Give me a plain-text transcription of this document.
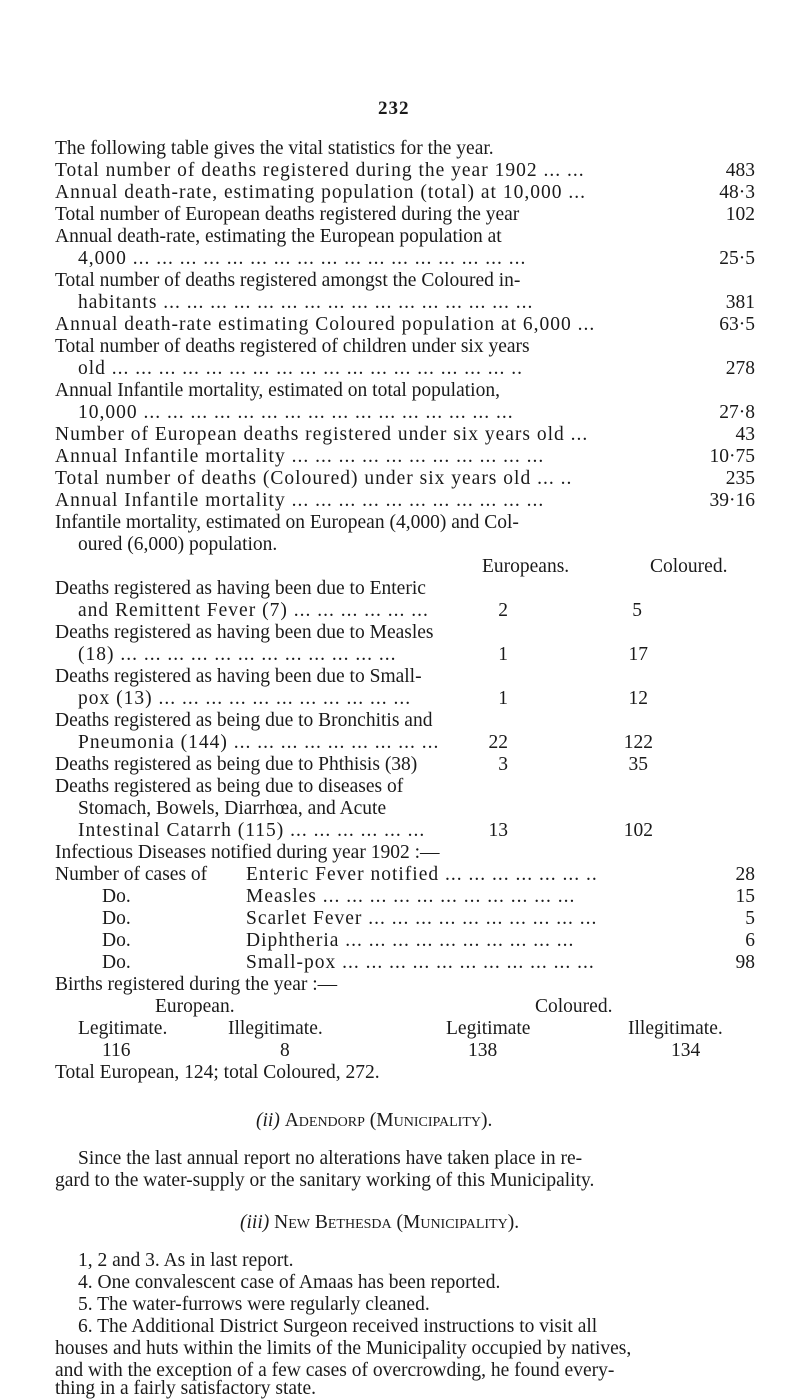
232
The following table gives the vital statistics for the year.
Total number of deaths registered during the year 1902 ... ...	483
Annual death-rate, estimating population (total) at 10,000 ...	48·3
Total number of European deaths registered during the year	102
Annual death-rate, estimating the European population at
4,000 ... ... ... ... ... ... ... ... ... ... ... ... ... ... ... ... ...	25·5
Total number of deaths registered amongst the Coloured in-
habitants ... ... ... ... ... ... ... ... ... ... ... ... ... ... ... ...	381
Annual death-rate estimating Coloured population at 6,000 ...	63·5
Total number of deaths registered of children under six years
old ... ... ... ... ... ... ... ... ... ... ... ... ... ... ... ... ... ..	278
Annual Infantile mortality, estimated on total population,
10,000 ... ... ... ... ... ... ... ... ... ... ... ... ... ... ... ...	27·8
Number of European deaths registered under six years old ...	43
Annual Infantile mortality ... ... ... ... ... ... ... ... ... ... ...	10·75
Total number of deaths (Coloured) under six years old ... ..	235
Annual Infantile mortality ... ... ... ... ... ... ... ... ... ... ...	39·16
Infantile mortality, estimated on European (4,000) and Col-
oured (6,000) population.
Europeans.	Coloured.
Deaths registered as having been due to Enteric
and Remittent Fever (7) ... ... ... ... ... ...	2	5
Deaths registered as having been due to Measles
(18) ... ... ... ... ... ... ... ... ... ... ... ...	1	17
Deaths registered as having been due to Small-
pox (13) ... ... ... ... ... ... ... ... ... ... ...	1	12
Deaths registered as being due to Bronchitis and
Pneumonia (144) ... ... ... ... ... ... ... ... ...	22	122
Deaths registered as being due to Phthisis (38)	3	35
Deaths registered as being due to diseases of
Stomach, Bowels, Diarrhœa, and Acute
Intestinal Catarrh (115) ... ... ... ... ... ...	13	102
Infectious Diseases notified during year 1902 :—
Number of cases of Enteric Fever notified ... ... ... ... ... ... ..	28
Do.	Measles ... ... ... ... ... ... ... ... ... ... ...	15
Do.	Scarlet Fever ... ... ... ... ... ... ... ... ... ...	5
Do.	Diphtheria ... ... ... ... ... ... ... ... ... ...	6
Do.	Small-pox ... ... ... ... ... ... ... ... ... ... ...	98
Births registered during the year :—
European.	Coloured.
Legitimate.	Illegitimate.	Legitimate	Illegitimate.
116	8	138	134
Total European, 124; total Coloured, 272.
(ii) Adendorp (Municipality).
Since the last annual report no alterations have taken place in re-
gard to the water-supply or the sanitary working of this Municipality.
(iii) New Bethesda (Municipality).
1, 2 and 3. As in last report.
4. One convalescent case of Amaas has been reported.
5. The water-furrows were regularly cleaned.
6. The Additional District Surgeon received instructions to visit all
houses and huts within the limits of the Municipality occupied by natives,
and with the exception of a few cases of overcrowding, he found every-
thing in a fairly satisfactory state.
